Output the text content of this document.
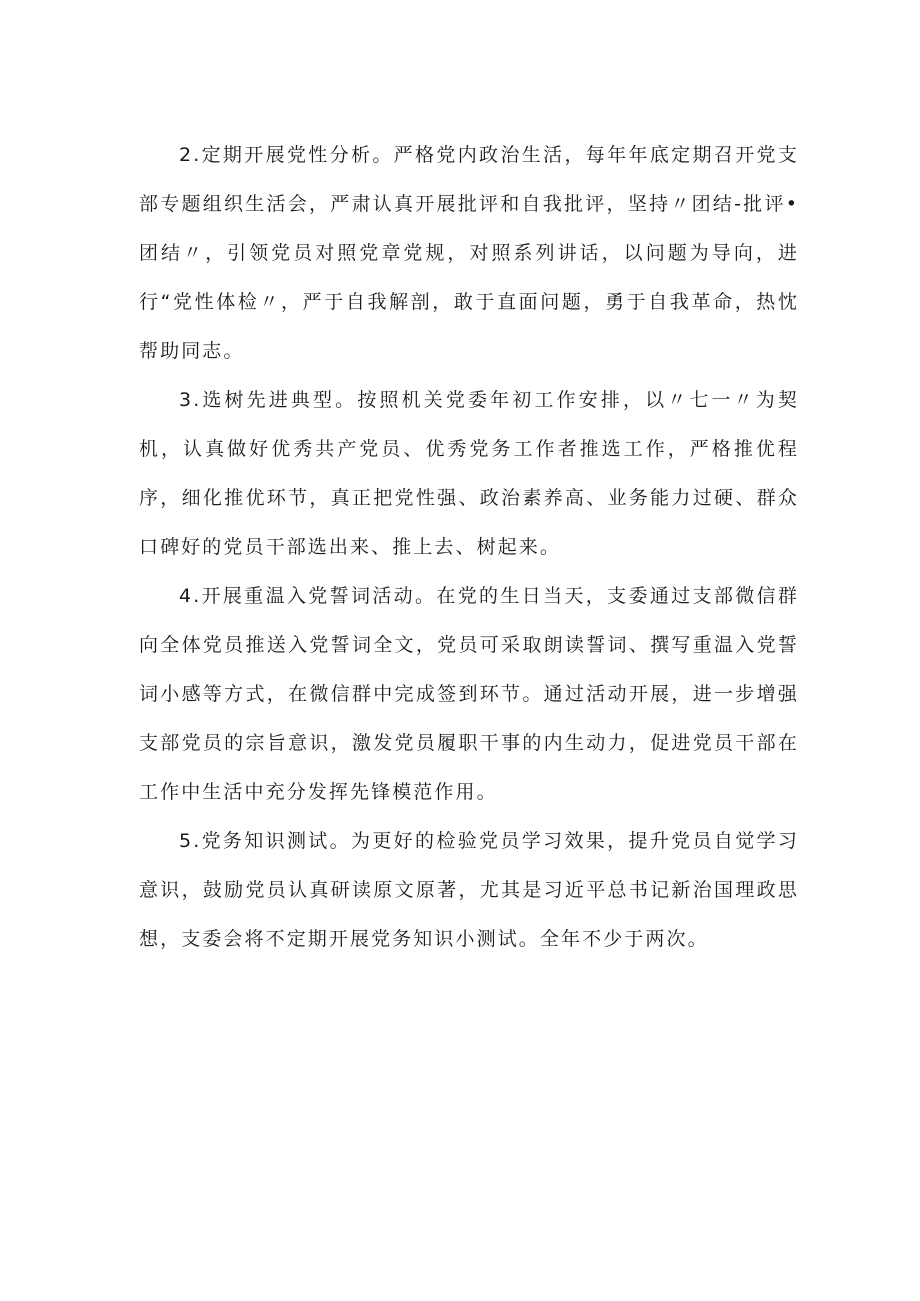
2.定期开展党性分析。严格党内政治生活，每年年底定期召开党支部专题组织生活会，严肃认真开展批评和自我批评，坚持〃团结-批评•团结〃，引领党员对照党章党规，对照系列讲话，以问题为导向，进行“党性体检〃，严于自我解剖，敢于直面问题，勇于自我革命，热忱帮助同志。

3.选树先进典型。按照机关党委年初工作安排，以〃七一〃为契机，认真做好优秀共产党员、优秀党务工作者推选工作，严格推优程序，细化推优环节，真正把党性强、政治素养高、业务能力过硬、群众口碑好的党员干部选出来、推上去、树起来。

4.开展重温入党誓词活动。在党的生日当天，支委通过支部微信群向全体党员推送入党誓词全文，党员可采取朗读誓词、撰写重温入党誓词小感等方式，在微信群中完成签到环节。通过活动开展，进一步增强支部党员的宗旨意识，激发党员履职干事的内生动力，促进党员干部在工作中生活中充分发挥先锋模范作用。

5.党务知识测试。为更好的检验党员学习效果，提升党员自觉学习意识，鼓励党员认真研读原文原著，尤其是习近平总书记新治国理政思想，支委会将不定期开展党务知识小测试。全年不少于两次。
